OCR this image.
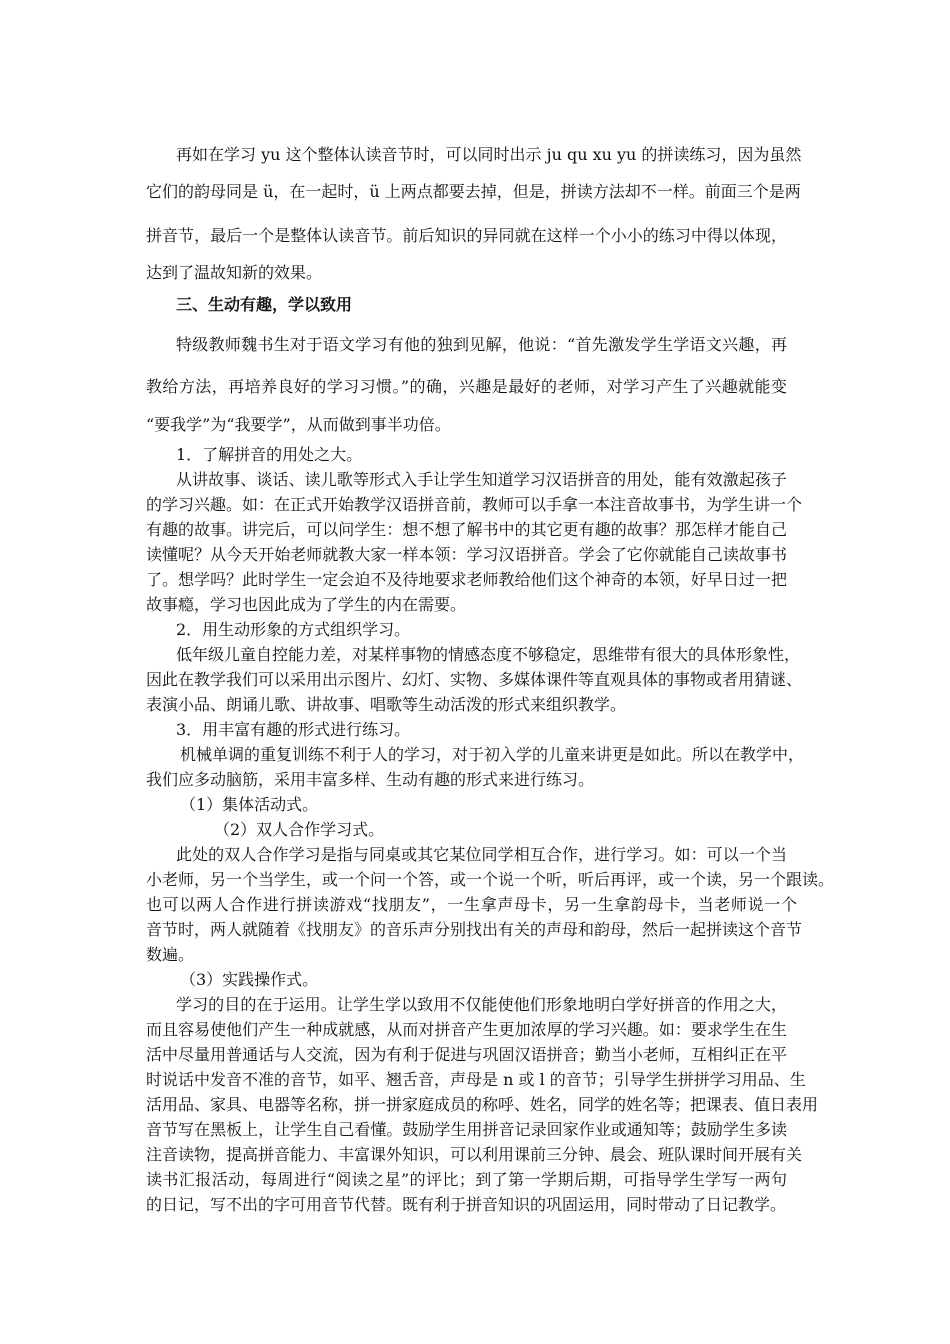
再如在学习 yu 这个整体认读音节时，可以同时出示 ju qu xu yu 的拼读练习，因为虽然
它们的韵母同是 ü，在一起时，ü 上两点都要去掉，但是，拼读方法却不一样。前面三个是两
拼音节，最后一个是整体认读音节。前后知识的异同就在这样一个小小的练习中得以体现，
达到了温故知新的效果。
三、生动有趣，学以致用
特级教师魏书生对于语文学习有他的独到见解，他说：“首先激发学生学语文兴趣，再
教给方法，再培养良好的学习习惯。”的确，兴趣是最好的老师，对学习产生了兴趣就能变
“要我学”为“我要学”，从而做到事半功倍。
1．了解拼音的用处之大。
从讲故事、谈话、读儿歌等形式入手让学生知道学习汉语拼音的用处，能有效激起孩子
的学习兴趣。如：在正式开始教学汉语拼音前，教师可以手拿一本注音故事书，为学生讲一个
有趣的故事。讲完后，可以问学生：想不想了解书中的其它更有趣的故事？那怎样才能自己
读懂呢？从今天开始老师就教大家一样本领：学习汉语拼音。学会了它你就能自己读故事书
了。想学吗？此时学生一定会迫不及待地要求老师教给他们这个神奇的本领，好早日过一把
故事瘾，学习也因此成为了学生的内在需要。
2．用生动形象的方式组织学习。
低年级儿童自控能力差，对某样事物的情感态度不够稳定，思维带有很大的具体形象性，
因此在教学我们可以采用出示图片、幻灯、实物、多媒体课件等直观具体的事物或者用猜谜、
表演小品、朗诵儿歌、讲故事、唱歌等生动活泼的形式来组织教学。
3．用丰富有趣的形式进行练习。
机械单调的重复训练不利于人的学习，对于初入学的儿童来讲更是如此。所以在教学中，
我们应多动脑筋，采用丰富多样、生动有趣的形式来进行练习。
（1）集体活动式。
（2）双人合作学习式。
此处的双人合作学习是指与同桌或其它某位同学相互合作，进行学习。如：可以一个当
小老师，另一个当学生，或一个问一个答，或一个说一个听，听后再评，或一个读，另一个跟读。
也可以两人合作进行拼读游戏“找朋友”，一生拿声母卡，另一生拿韵母卡，当老师说一个
音节时，两人就随着《找朋友》的音乐声分别找出有关的声母和韵母，然后一起拼读这个音节
数遍。
（3）实践操作式。
学习的目的在于运用。让学生学以致用不仅能使他们形象地明白学好拼音的作用之大，
而且容易使他们产生一种成就感，从而对拼音产生更加浓厚的学习兴趣。如：要求学生在生
活中尽量用普通话与人交流，因为有利于促进与巩固汉语拼音；勤当小老师，互相纠正在平
时说话中发音不准的音节，如平、翘舌音，声母是 n 或 l 的音节；引导学生拼拼学习用品、生
活用品、家具、电器等名称，拼一拼家庭成员的称呼、姓名，同学的姓名等；把课表、值日表用
音节写在黑板上，让学生自己看懂。鼓励学生用拼音记录回家作业或通知等；鼓励学生多读
注音读物，提高拼音能力、丰富课外知识，可以利用课前三分钟、晨会、班队课时间开展有关
读书汇报活动，每周进行“阅读之星”的评比；到了第一学期后期，可指导学生学写一两句
的日记，写不出的字可用音节代替。既有利于拼音知识的巩固运用，同时带动了日记教学。
